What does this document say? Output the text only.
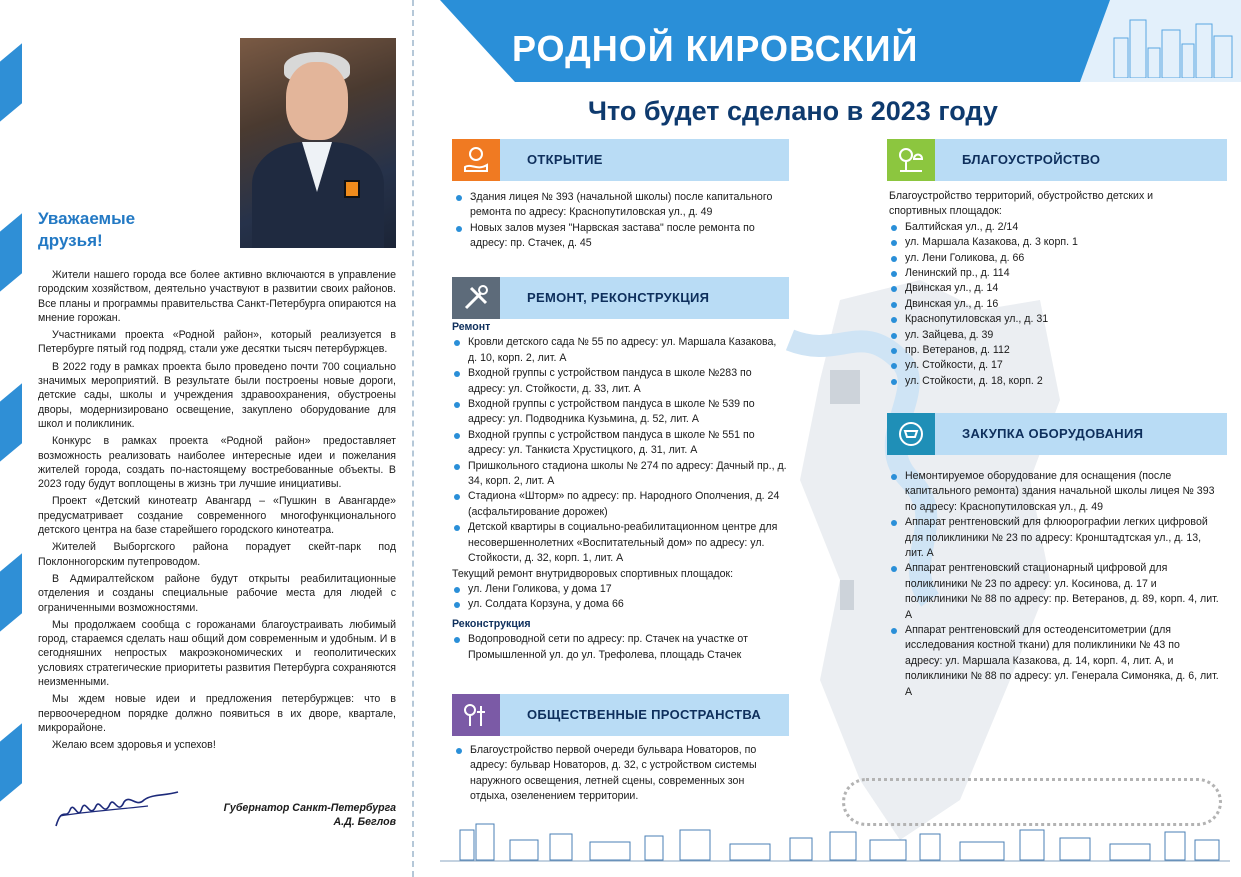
Уважаемые
друзья!

Жители нашего города все более активно включаются в управление городским хозяйством, деятельно участвуют в развитии своих районов. Все планы и программы правительства Санкт-Петербурга опираются на мнение горожан.

Участниками проекта «Родной район», который реализуется в Петербурге пятый год подряд, стали уже десятки тысяч петербуржцев.

В 2022 году в рамках проекта было проведено почти 700 социально значимых мероприятий. В результате были построены новые дороги, детские сады, школы и учреждения здравоохранения, обустроены дворы, модернизировано освещение, закуплено оборудование для школ и поликлиник.

Конкурс в рамках проекта «Родной район» предоставляет возможность реализовать наиболее интересные идеи и пожелания жителей города, создать по-настоящему востребованные объекты. В 2023 году будут воплощены в жизнь три лучшие инициативы.

Проект «Детский кинотеатр Авангард – «Пушкин в Авангарде» предусматривает создание современного многофункционального детского центра на базе старейшего городского кинотеатра.

Жителей Выборгского района порадует скейт-парк под Поклонногорским путепроводом.

В Адмиралтейском районе будут открыты реабилитационные отделения и созданы специальные рабочие места для людей с ограниченными возможностями.

Мы продолжаем сообща с горожанами благоустраивать любимый город, стараемся сделать наш общий дом современным и удобным. И в сегодняшних непростых макроэкономических и геополитических условиях стратегические приоритеты развития Петербурга сохраняются неизменными.

Мы ждем новые идеи и предложения петербуржцев: что в первоочередном порядке должно появиться в их дворе, квартале, микрорайоне.

Желаю всем здоровья и успехов!

Губернатор Санкт-Петербурга
А.Д. Беглов
РОДНОЙ КИРОВСКИЙ
Что будет сделано в 2023 году
ОТКРЫТИЕ
Здания лицея № 393 (начальной школы) после капитального ремонта по адресу: Краснопутиловская ул., д. 49
Новых залов музея "Нарвская застава" после ремонта по адресу: пр. Стачек, д. 45
РЕМОНТ, РЕКОНСТРУКЦИЯ
Ремонт
Кровли детского сада № 55 по адресу: ул. Маршала Казакова, д. 10, корп. 2, лит. А
Входной группы с устройством пандуса в школе №283 по адресу: ул. Стойкости, д. 33, лит. А
Входной группы с устройством пандуса в школе № 539 по адресу: ул. Подводника Кузьмина, д. 52, лит. А
Входной группы с устройством пандуса в школе № 551 по адресу: ул. Танкиста Хрустицкого, д. 31, лит. А
Пришкольного стадиона школы № 274 по адресу: Дачный пр., д. 34, корп. 2, лит. А
Стадиона «Шторм» по адресу: пр. Народного Ополчения, д. 24 (асфальтирование дорожек)
Детской квартиры в социально-реабилитационном центре для несовершеннолетних «Воспитательный дом» по адресу: ул. Стойкости, д. 32, корп. 1, лит. А
Текущий ремонт внутридворовых спортивных площадок:
ул. Лени Голикова, у дома 17
ул. Солдата Корзуна, у дома 66
Реконструкция
Водопроводной сети по адресу: пр. Стачек на участке от Промышленной ул. до ул. Трефолева, площадь Стачек
ОБЩЕСТВЕННЫЕ ПРОСТРАНСТВА
Благоустройство первой очереди бульвара Новаторов, по адресу: бульвар Новаторов, д. 32, с устройством системы наружного освещения, летней сцены, современных зон отдыха, озеленением территории.
БЛАГОУСТРОЙСТВО
Благоустройство территорий, обустройство детских и спортивных площадок:
Балтийская ул., д. 2/14
ул. Маршала Казакова, д. 3 корп. 1
ул. Лени Голикова, д. 66
Ленинский пр., д. 114
Двинская ул., д. 14
Двинская ул., д. 16
Краснопутиловская ул., д. 31
ул. Зайцева, д. 39
пр. Ветеранов, д. 112
ул. Стойкости, д. 17
ул. Стойкости, д. 18, корп. 2
ЗАКУПКА ОБОРУДОВАНИЯ
Немонтируемое оборудование для оснащения (после капитального ремонта) здания начальной школы лицея № 393 по адресу: Краснопутиловская ул., д. 49
Аппарат рентгеновский для флюорографии легких цифровой для поликлиники № 23 по адресу: Кронштадтская ул., д. 13, лит. А
Аппарат рентгеновский стационарный цифровой для поликлиники № 23 по адресу: ул. Косинова, д. 17 и поликлиники № 88 по адресу: пр. Ветеранов, д. 89, корп. 4, лит. А
Аппарат рентгеновский для остеоденситометрии (для исследования костной ткани) для поликлиники № 43 по адресу: ул. Маршала Казакова, д. 14, корп. 4, лит. А, и поликлиники № 88 по адресу: ул. Генерала Симоняка, д. 6, лит. А
